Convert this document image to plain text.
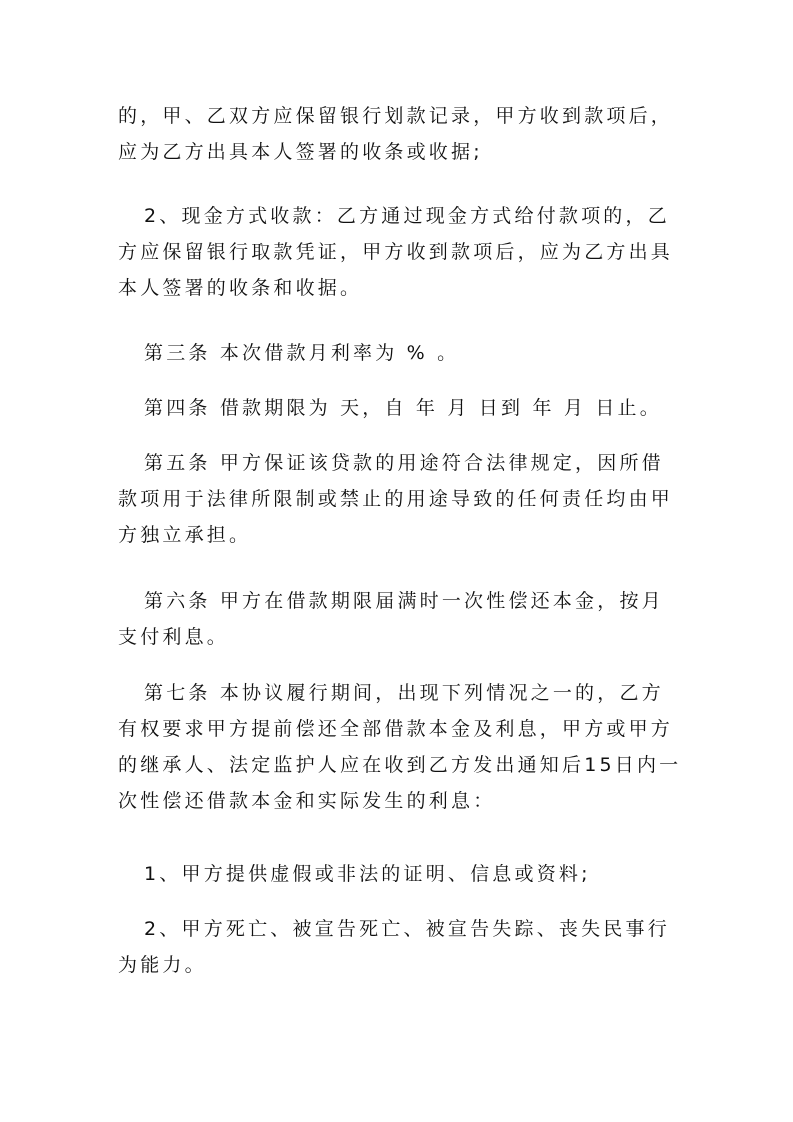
的，甲、乙双方应保留银行划款记录，甲方收到款项后，应为乙方出具本人签署的收条或收据;

2、现金方式收款：乙方通过现金方式给付款项的，乙方应保留银行取款凭证，甲方收到款项后，应为乙方出具本人签署的收条和收据。

第三条 本次借款月利率为 % 。

第四条 借款期限为 天，自 年 月 日到 年 月 日止。

第五条 甲方保证该贷款的用途符合法律规定，因所借款项用于法律所限制或禁止的用途导致的任何责任均由甲方独立承担。

第六条 甲方在借款期限届满时一次性偿还本金，按月支付利息。

第七条 本协议履行期间，出现下列情况之一的，乙方有权要求甲方提前偿还全部借款本金及利息，甲方或甲方的继承人、法定监护人应在收到乙方发出通知后15日内一次性偿还借款本金和实际发生的利息：

1、甲方提供虚假或非法的证明、信息或资料;

2、甲方死亡、被宣告死亡、被宣告失踪、丧失民事行为能力。
